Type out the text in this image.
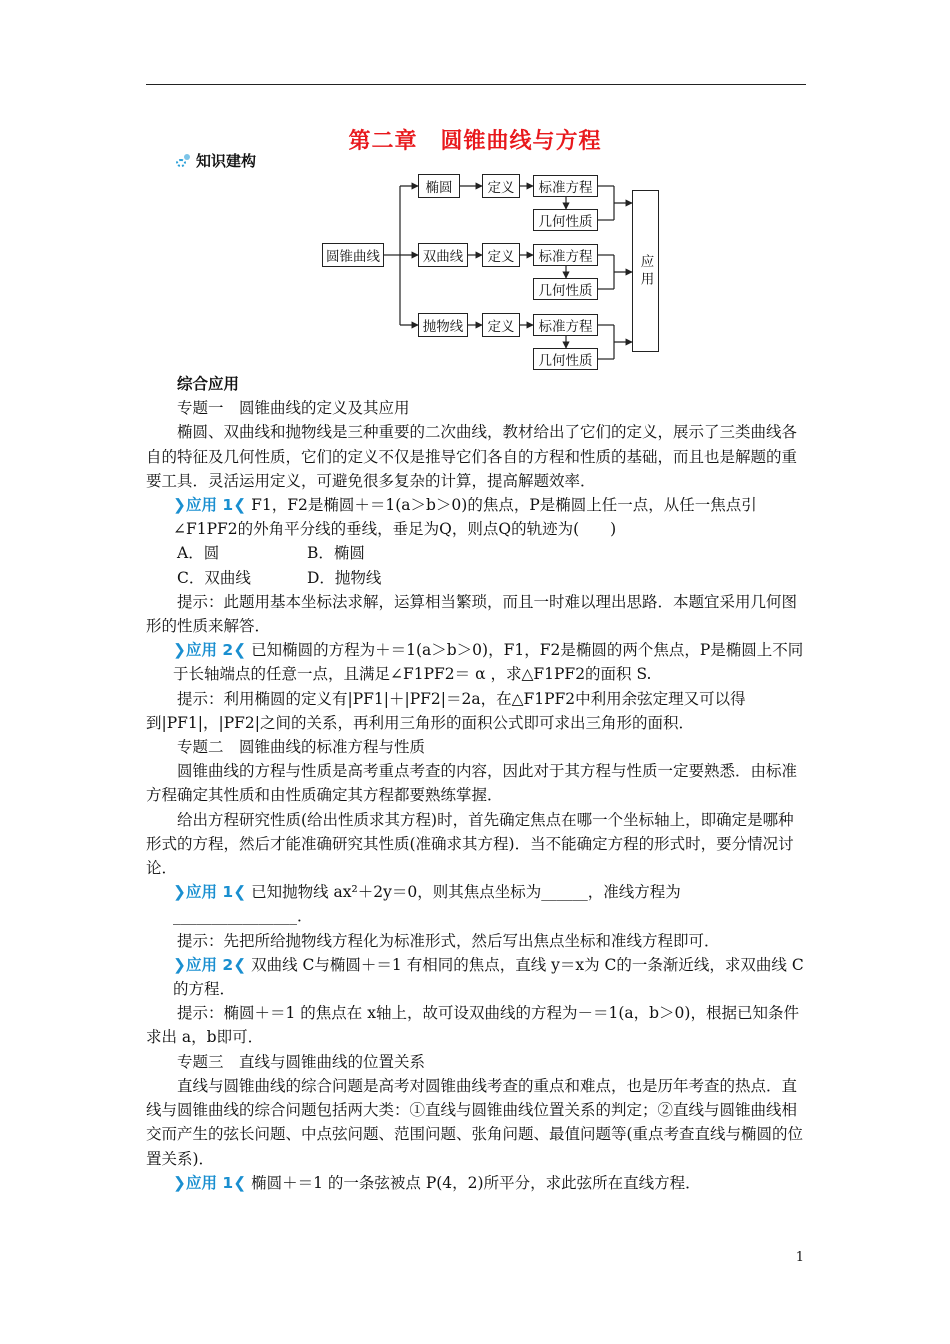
第二章　圆锥曲线与方程
知识建构
圆锥曲线
椭圆
双曲线
抛物线
定义
定义
定义
标准方程
标准方程
标准方程
几何性质
几何性质
几何性质
应用

综合应用

专题一　圆锥曲线的定义及其应用

椭圆、双曲线和抛物线是三种重要的二次曲线，教材给出了它们的定义，展示了三类曲线各自的特征及几何性质，它们的定义不仅是推导它们各自的方程和性质的基础，而且也是解题的重要工具．灵活运用定义，可避免很多复杂的计算，提高解题效率．

❯应用 1❮ F1，F2是椭圆＋＝1(a＞b＞0)的焦点，P是椭圆上任一点，从任一焦点引∠F1PF2的外角平分线的垂线，垂足为Q，则点Q的轨迹为(　　)

A．圆	B．椭圆

C．双曲线	D．抛物线

提示：此题用基本坐标法求解，运算相当繁琐，而且一时难以理出思路．本题宜采用几何图形的性质来解答．

❯应用 2❮ 已知椭圆的方程为＋＝1(a＞b＞0)，F1，F2是椭圆的两个焦点，P是椭圆上不同于长轴端点的任意一点，且满足∠F1PF2＝ α ，求△F1PF2的面积 S.

提示：利用椭圆的定义有|PF1|＋|PF2|＝2a，在△F1PF2中利用余弦定理又可以得到|PF1|，|PF2|之间的关系，再利用三角形的面积公式即可求出三角形的面积．

专题二　圆锥曲线的标准方程与性质

圆锥曲线的方程与性质是高考重点考查的内容，因此对于其方程与性质一定要熟悉．由标准方程确定其性质和由性质确定其方程都要熟练掌握．

给出方程研究性质(给出性质求其方程)时，首先确定焦点在哪一个坐标轴上，即确定是哪种形式的方程，然后才能准确研究其性质(准确求其方程)．当不能确定方程的形式时，要分情况讨论．

❯应用 1❮ 已知抛物线 ax²＋2y＝0，则其焦点坐标为______，准线方程为________________．

提示：先把所给抛物线方程化为标准形式，然后写出焦点坐标和准线方程即可．

❯应用 2❮ 双曲线 C与椭圆＋＝1 有相同的焦点，直线 y＝x为 C的一条渐近线，求双曲线 C的方程．

提示：椭圆＋＝1 的焦点在 x轴上，故可设双曲线的方程为－＝1(a，b＞0)，根据已知条件求出 a，b即可．

专题三　直线与圆锥曲线的位置关系

直线与圆锥曲线的综合问题是高考对圆锥曲线考查的重点和难点，也是历年考查的热点．直线与圆锥曲线的综合问题包括两大类：①直线与圆锥曲线位置关系的判定；②直线与圆锥曲线相交而产生的弦长问题、中点弦问题、范围问题、张角问题、最值问题等(重点考查直线与椭圆的位置关系)．

❯应用 1❮ 椭圆＋＝1 的一条弦被点 P(4，2)所平分，求此弦所在直线方程．

1
